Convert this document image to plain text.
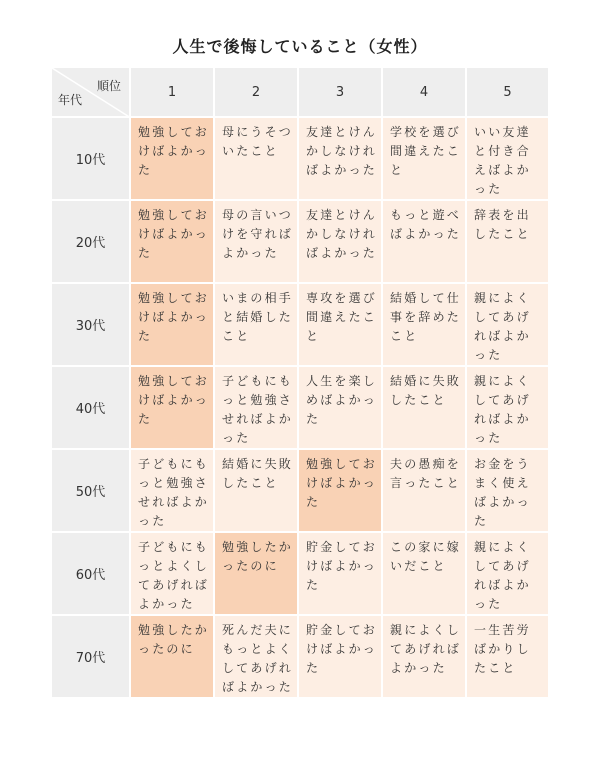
人生で後悔していること（女性）
順位
年代	1	2	3	4	5
10代	勉強しておけばよかった	母にうそついたこと	友達とけんかしなければよかった	学校を選び間違えたこと	いい友達と付き合えばよかった
20代	勉強しておけばよかった	母の言いつけを守ればよかった	友達とけんかしなければよかった	もっと遊べばよかった	辞表を出したこと
30代	勉強しておけばよかった	いまの相手と結婚したこと	専攻を選び間違えたこと	結婚して仕事を辞めたこと	親によくしてあげればよかった
40代	勉強しておけばよかった	子どもにもっと勉強させればよかった	人生を楽しめばよかった	結婚に失敗したこと	親によくしてあげればよかった
50代	子どもにもっと勉強させればよかった	結婚に失敗したこと	勉強しておけばよかった	夫の愚痴を言ったこと	お金をうまく使えばよかった
60代	子どもにもっとよくしてあげればよかった	勉強したかったのに	貯金しておけばよかった	この家に嫁いだこと	親によくしてあげればよかった
70代	勉強したかったのに	死んだ夫にもっとよくしてあげればよかった	貯金しておけばよかった	親によくしてあげればよかった	一生苦労ばかりしたこと
